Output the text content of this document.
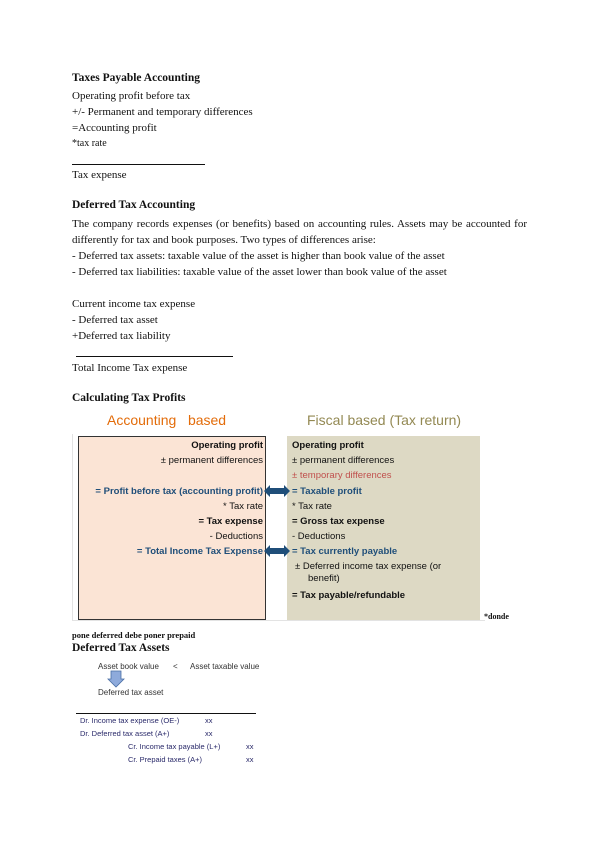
Taxes Payable Accounting
Operating profit before tax
+/- Permanent and temporary differences
=Accounting profit
*tax rate
Tax expense
Deferred Tax Accounting
The company records expenses (or benefits) based on accounting rules. Assets may be accounted for differently for tax and book purposes. Two types of differences arise:
- Deferred tax assets: taxable value of the asset is higher than book value of the asset
- Deferred tax liabilities: taxable value of the asset lower than book value of the asset
Current income tax expense
- Deferred tax asset
+Deferred tax liability
Total Income Tax expense
Calculating Tax Profits
Accounting   based	Fiscal based (Tax return)
Operating profit
± permanent differences
= Profit before tax (accounting profit)
* Tax rate
= Tax expense
- Deductions
= Total Income Tax Expense
Operating profit
± permanent differences
± temporary differences
= Taxable profit
* Tax rate
= Gross tax expense
- Deductions
= Tax currently payable
± Deferred income tax expense (or
benefit)
= Tax payable/refundable
*donde
pone deferred debe poner prepaid
Deferred Tax Assets
Asset book value < Asset taxable value
Deferred tax asset
Dr. Income tax expense (OE-)	xx
Dr. Deferred tax asset (A+)	xx
Cr. Income tax payable (L+)	xx
Cr. Prepaid taxes (A+)	xx
